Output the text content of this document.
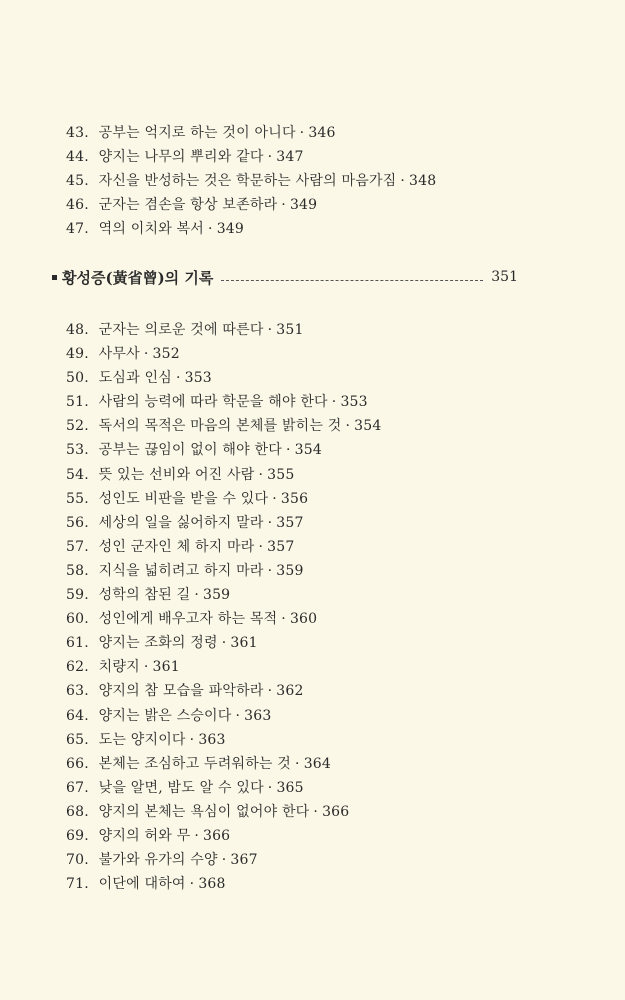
43. 공부는 억지로 하는 것이 아니다 · 346
44. 양지는 나무의 뿌리와 같다 · 347
45. 자신을 반성하는 것은 학문하는 사람의 마음가짐 · 348
46. 군자는 겸손을 항상 보존하라 · 349
47. 역의 이치와 복서 · 349
황성증(黃省曾)의 기록	351
48. 군자는 의로운 것에 따른다 · 351
49. 사무사 · 352
50. 도심과 인심 · 353
51. 사람의 능력에 따라 학문을 해야 한다 · 353
52. 독서의 목적은 마음의 본체를 밝히는 것 · 354
53. 공부는 끊임이 없이 해야 한다 · 354
54. 뜻 있는 선비와 어진 사람 · 355
55. 성인도 비판을 받을 수 있다 · 356
56. 세상의 일을 싫어하지 말라 · 357
57. 성인 군자인 체 하지 마라 · 357
58. 지식을 넓히려고 하지 마라 · 359
59. 성학의 참된 길 · 359
60. 성인에게 배우고자 하는 목적 · 360
61. 양지는 조화의 정령 · 361
62. 치량지 · 361
63. 양지의 참 모습을 파악하라 · 362
64. 양지는 밝은 스승이다 · 363
65. 도는 양지이다 · 363
66. 본체는 조심하고 두려워하는 것 · 364
67. 낮을 알면, 밤도 알 수 있다 · 365
68. 양지의 본체는 욕심이 없어야 한다 · 366
69. 양지의 허와 무 · 366
70. 불가와 유가의 수양 · 367
71. 이단에 대하여 · 368
